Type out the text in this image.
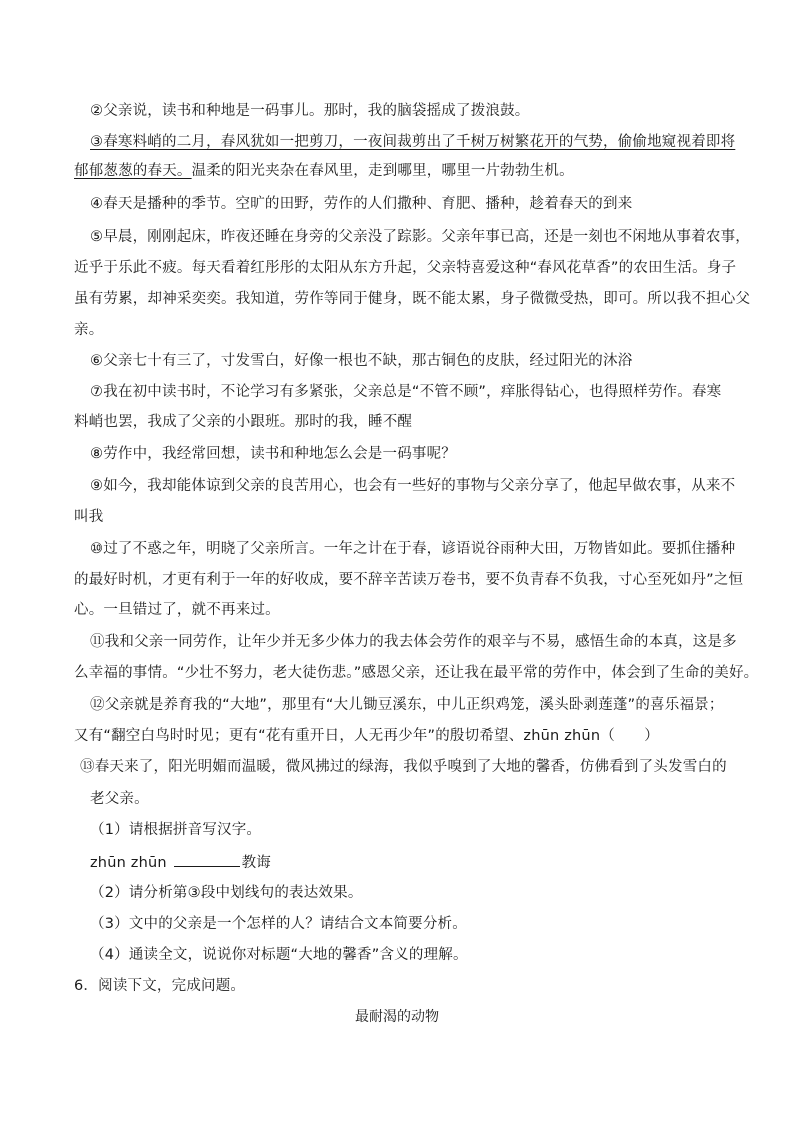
②父亲说，读书和种地是一码事儿。那时，我的脑袋摇成了拨浪鼓。
③春寒料峭的二月，春风犹如一把剪刀，一夜间裁剪出了千树万树繁花开的气势，偷偷地窥视着即将
郁郁葱葱的春天。温柔的阳光夹杂在春风里，走到哪里，哪里一片勃勃生机。
④春天是播种的季节。空旷的田野，劳作的人们撒种、育肥、播种，趁着春天的到来
⑤早晨，刚刚起床，昨夜还睡在身旁的父亲没了踪影。父亲年事已高，还是一刻也不闲地从事着农事，
近乎于乐此不疲。每天看着红彤彤的太阳从东方升起，父亲特喜爱这种“春风花草香”的农田生活。身子
虽有劳累，却神采奕奕。我知道，劳作等同于健身，既不能太累，身子微微受热，即可。所以我不担心父
亲。
⑥父亲七十有三了，寸发雪白，好像一根也不缺，那古铜色的皮肤，经过阳光的沐浴
⑦我在初中读书时，不论学习有多紧张，父亲总是“不管不顾”，痒胀得钻心，也得照样劳作。春寒
料峭也罢，我成了父亲的小跟班。那时的我，睡不醒
⑧劳作中，我经常回想，读书和种地怎么会是一码事呢？
⑨如今，我却能体谅到父亲的良苦用心，也会有一些好的事物与父亲分享了，他起早做农事，从来不
叫我
⑩过了不惑之年，明晓了父亲所言。一年之计在于春，谚语说谷雨种大田，万物皆如此。要抓住播种
的最好时机，才更有利于一年的好收成，要不辞辛苦读万卷书，要不负青春不负我，寸心至死如丹”之恒
心。一旦错过了，就不再来过。
⑪我和父亲一同劳作，让年少并无多少体力的我去体会劳作的艰辛与不易，感悟生命的本真，这是多
么幸福的事情。“少壮不努力，老大徒伤悲。”感恩父亲，还让我在最平常的劳作中，体会到了生命的美好。
⑫父亲就是养育我的“大地”，那里有“大儿锄豆溪东，中儿正织鸡笼，溪头卧剥莲蓬”的喜乐福景；
又有“翻空白鸟时时见；更有“花有重开日，人无再少年”的殷切希望、zhūn zhūn（　　）
⑬春天来了，阳光明媚而温暖，微风拂过的绿海，我似乎嗅到了大地的馨香，仿佛看到了头发雪白的
老父亲。
（1）请根据拼音写汉字。
zhūn zhūn	教诲
（2）请分析第③段中划线句的表达效果。
（3）文中的父亲是一个怎样的人？请结合文本简要分析。
（4）通读全文，说说你对标题“大地的馨香”含义的理解。
6．阅读下文，完成问题。
最耐渴的动物
